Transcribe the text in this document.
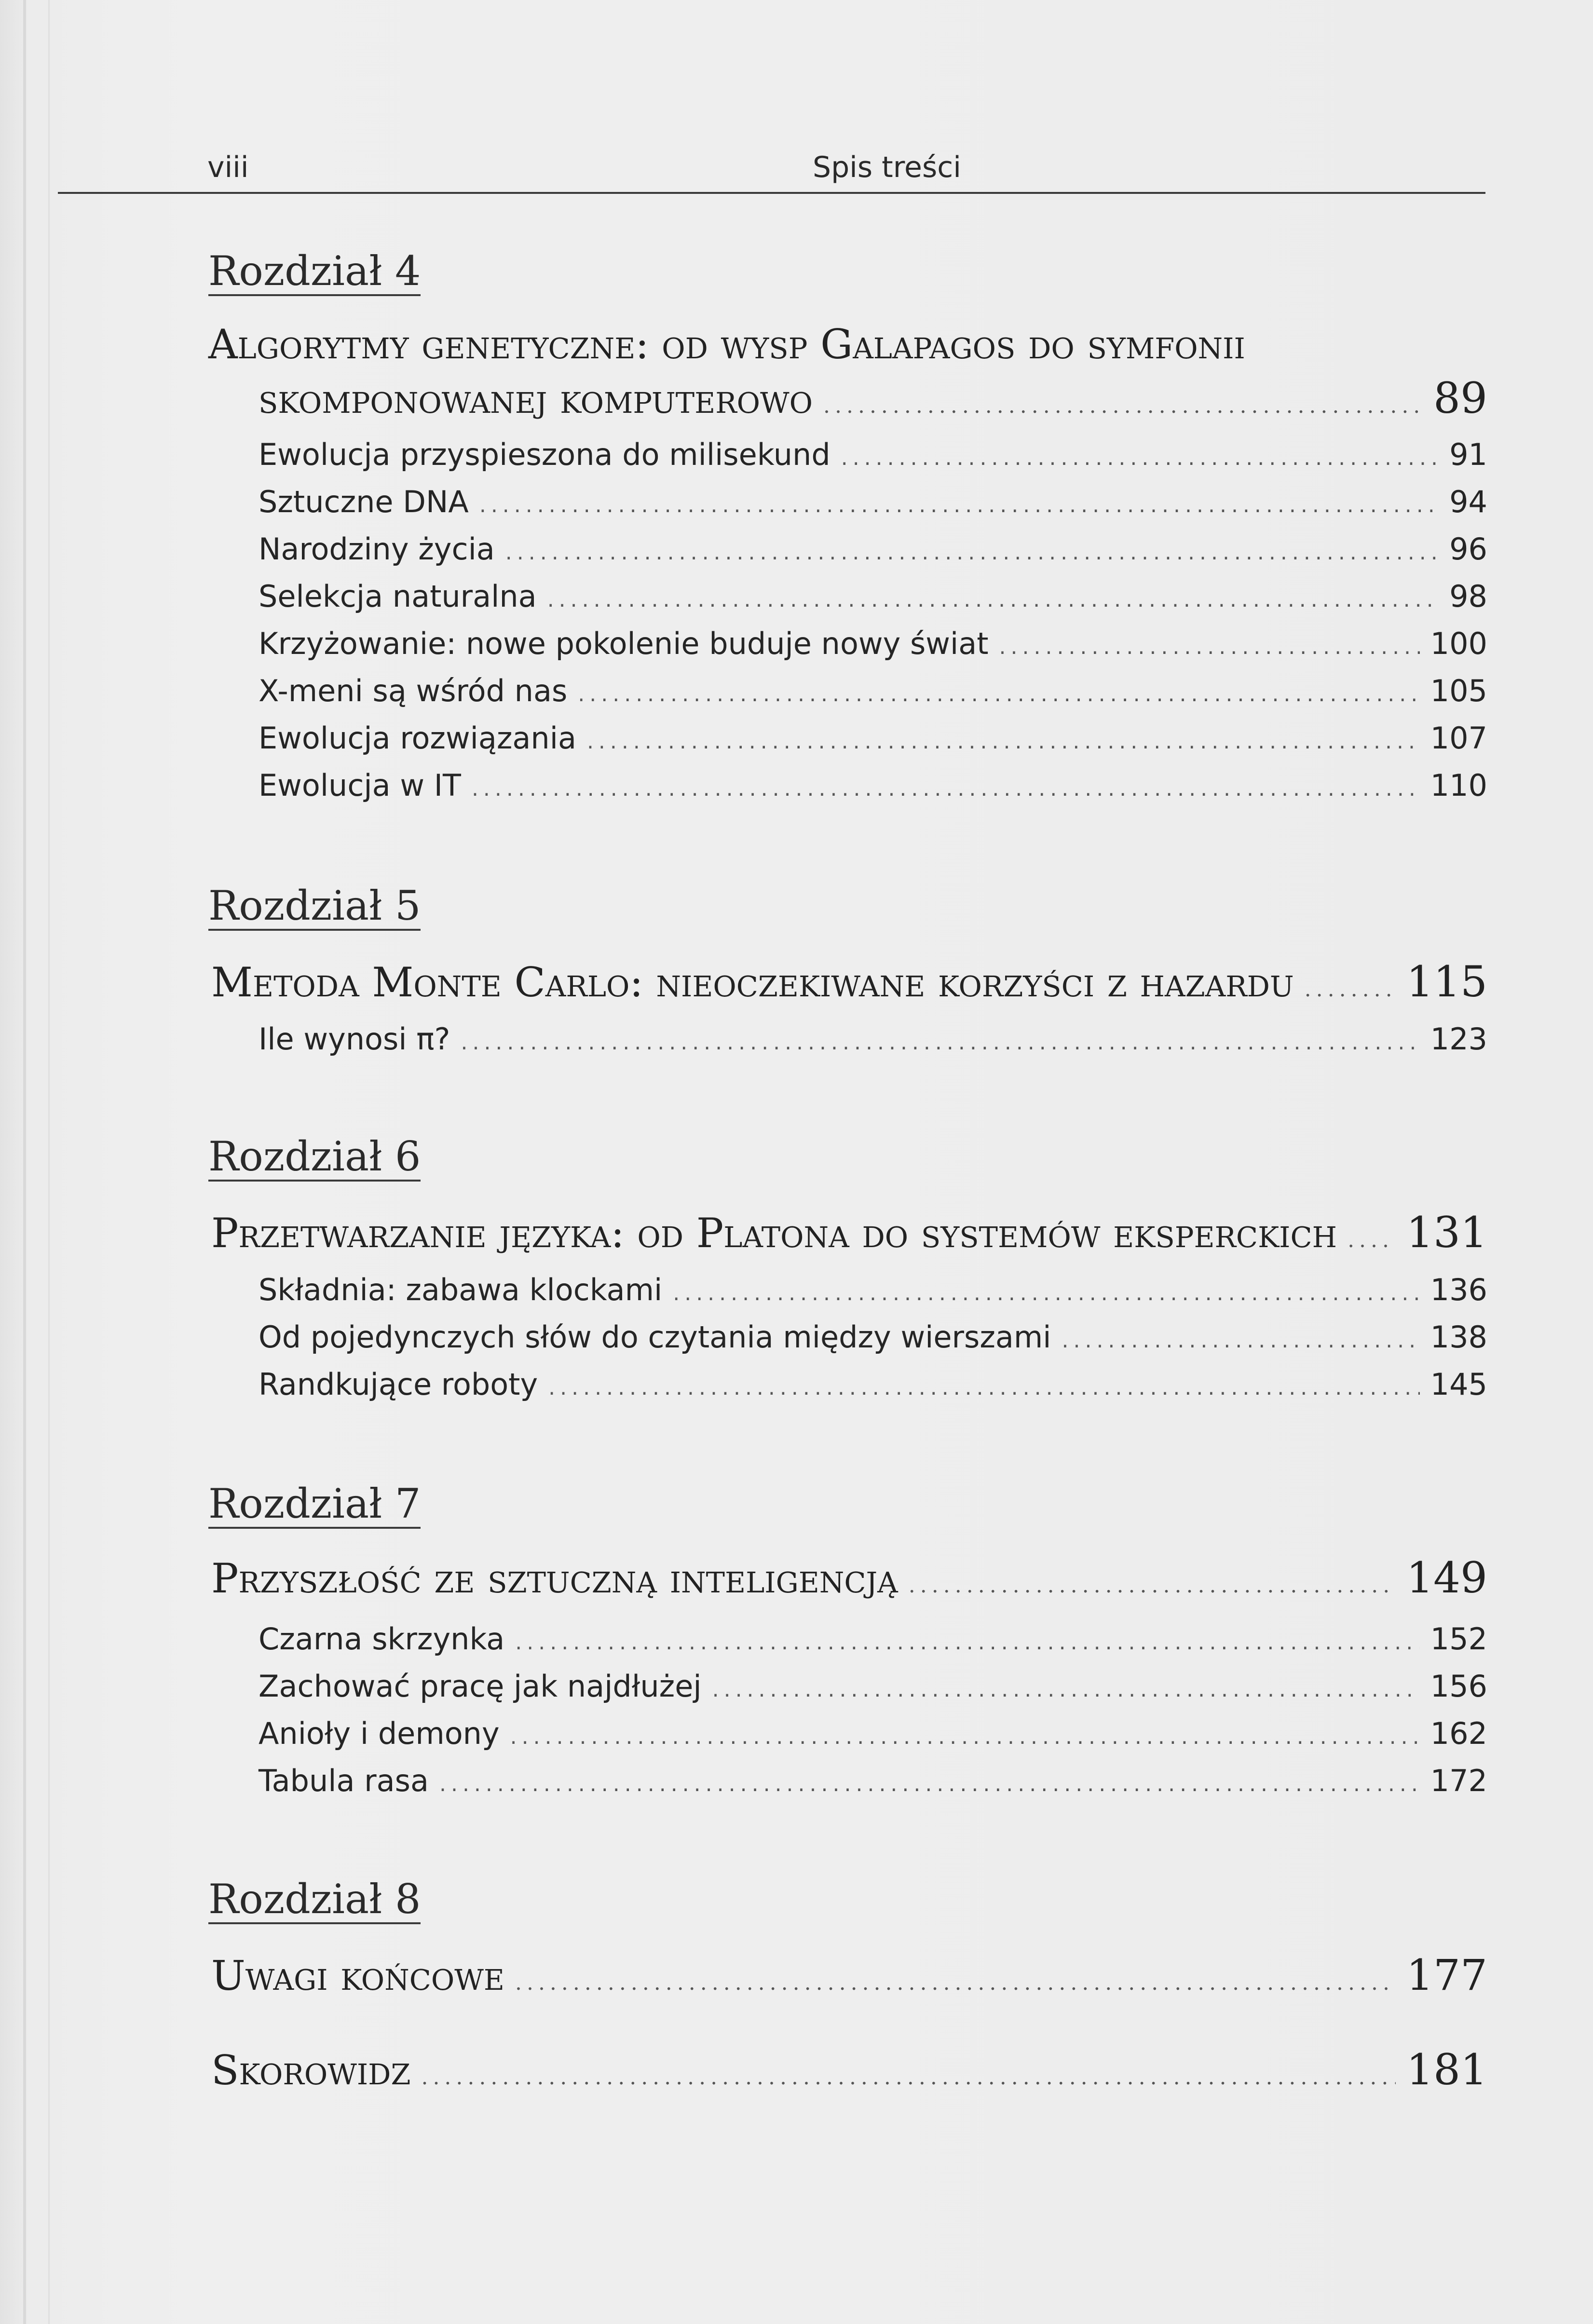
viii	Spis treści
Rozdział 4
Algorytmy genetyczne: od wysp Galapagos do symfonii
skomponowanej komputerowo .....	89
Ewolucja przyspieszona do milisekund .....	91
Sztuczne DNA .....	94
Narodziny życia .....	96
Selekcja naturalna .....	98
Krzyżowanie: nowe pokolenie buduje nowy świat .....	100
X-meni są wśród nas .....	105
Ewolucja rozwiązania .....	107
Ewolucja w IT .....	110
Rozdział 5
Metoda Monte Carlo: nieoczekiwane korzyści z hazardu .....	115
Ile wynosi π? .....	123
Rozdział 6
Przetwarzanie języka: od Platona do systemów eksperckich ..... 131
Składnia: zabawa klockami .....	136
Od pojedynczych słów do czytania między wierszami .....	138
Randkujące roboty .....	145
Rozdział 7
Przyszłość ze sztuczną inteligencją .....	149
Czarna skrzynka .....	152
Zachować pracę jak najdłużej .....	156
Anioły i demony .....	162
Tabula rasa .....	172
Rozdział 8
Uwagi końcowe .....	177
Skorowidz .....	181
